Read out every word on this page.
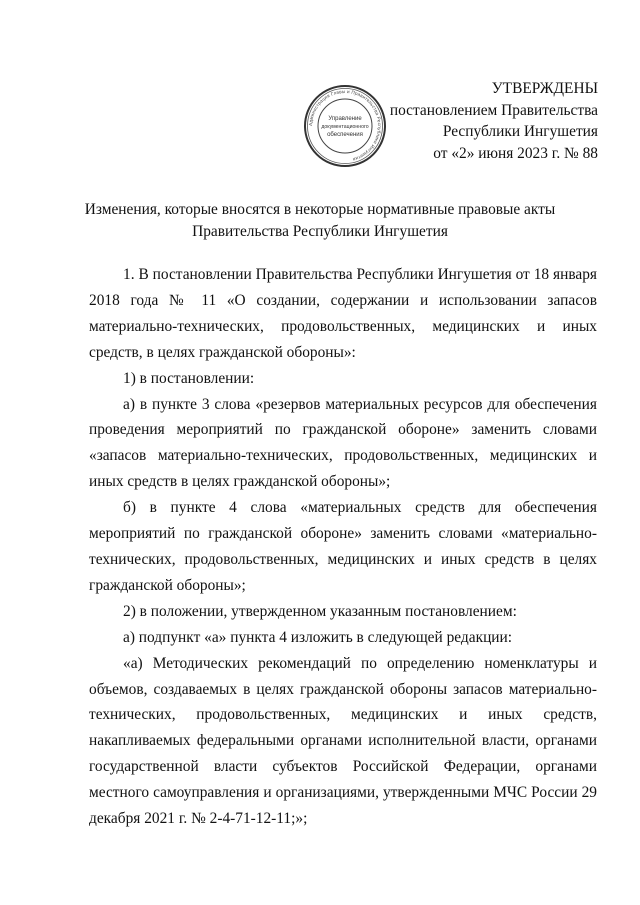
Администрация Главы и Правительства Республики Ингушетия
Управление
документационного
обеспечения
УТВЕРЖДЕНЫ
постановлением Правительства
Республики Ингушетия
от «2» июня 2023 г. № 88
Изменения, которые вносятся в некоторые нормативные правовые акты
Правительства Республики Ингушетия

1. В постановлении Правительства Республики Ингушетия от 18 января 2018 года № 11 «О создании, содержании и использовании запасов материально-технических, продовольственных, медицинских и иных средств, в целях гражданской обороны»:

1) в постановлении:

а) в пункте 3 слова «резервов материальных ресурсов для обеспечения проведения мероприятий по гражданской обороне» заменить словами «запасов материально-технических, продовольственных, медицинских и иных средств в целях гражданской обороны»;

б) в пункте 4 слова «материальных средств для обеспечения мероприятий по гражданской обороне» заменить словами «материально-технических, продовольственных, медицинских и иных средств в целях гражданской обороны»;

2) в положении, утвержденном указанным постановлением:

а) подпункт «а» пункта 4 изложить в следующей редакции:

«а) Методических рекомендаций по определению номенклатуры и объемов, создаваемых в целях гражданской обороны запасов материально-технических, продовольственных, медицинских и иных средств, накапливаемых федеральными органами исполнительной власти, органами государственной власти субъектов Российской Федерации, органами местного самоуправления и организациями, утвержденными МЧС России 29 декабря 2021 г. № 2-4-71-12-11;»;
